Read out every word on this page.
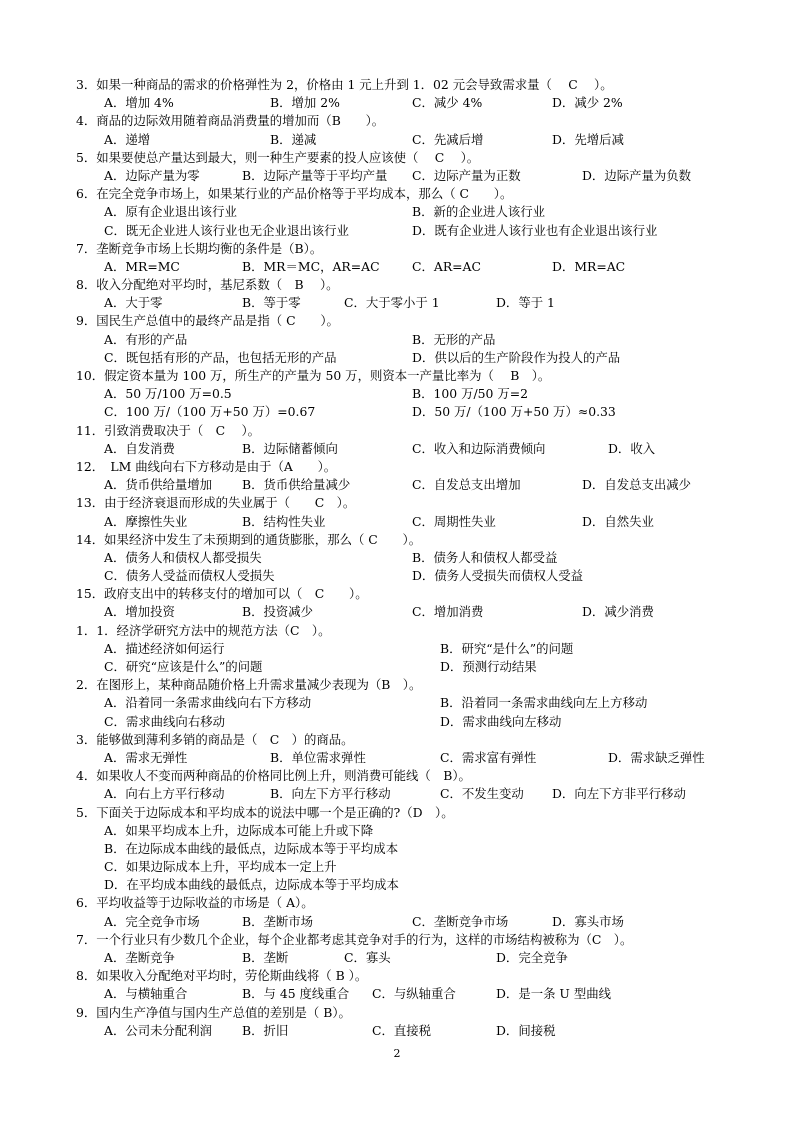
3．如果一种商品的需求的价格弹性为 2，价格由 1 元上升到 1．02 元会导致需求量（　 C　 ）。
A．增加 4%	B．增加 2%	C．减少 4%	D．减少 2%
4．商品的边际效用随着商品消费量的增加而（B　　）。
A．递增	B．递减	C．先减后增	D．先增后减
5．如果要使总产量达到最大，则一种生产要素的投人应该使（　 C　 ）。
A．边际产量为零	B．边际产量等于平均产量 C．边际产量为正数	D．边际产量为负数
6．在完全竞争市场上，如果某行业的产品价格等于平均成本，那么（ C　　）。
A．原有企业退出该行业	B．新的企业进人该行业
C．既无企业进人该行业也无企业退出该行业	D．既有企业进人该行业也有企业退出该行业
7．垄断竞争市场上长期均衡的条件是（B）。
A．MR=MC	B．MR＝MC，AR=AC	C．AR=AC	D．MR=AC
8．收入分配绝对平均时，基尼系数（　B　 ）。
A．大于零	B．等于零	C．大于零小于 1	D．等于 1
9．国民生产总值中的最终产品是指（ C　　）。
A．有形的产品	B．无形的产品
C．既包括有形的产品，也包括无形的产品	D．供以后的生产阶段作为投人的产品
10．假定资本量为 100 万，所生产的产量为 50 万，则资本一产量比率为（　 B　）。
A．50 万/100 万=0.5	B．100 万/50 万=2
C．100 万/（100 万+50 万）=0.67	D．50 万/（100 万+50 万）≈0.33
11．引致消费取决于（　C　 ）。
A．自发消费	B．边际储蓄倾向	C．收入和边际消费倾向	D．收入
12．　LM 曲线向右下方移动是由于（A　　）。
A．货币供给量增加 B．货币供给量减少	C．自发总支出增加	D．自发总支出减少
13．由于经济衰退而形成的失业属于（　　C　）。
A．摩擦性失业	B．结构性失业	C．周期性失业	D．自然失业
14．如果经济中发生了未预期到的通货膨胀，那么（ C　　）。
A．债务人和债权人都受损失	B．债务人和债权人都受益
C．债务人受益而债权人受损失	D．债务人受损失而债权人受益
15．政府支出中的转移支付的增加可以（　C　　）。
A．增加投资	B．投资减少	C．增加消费	D．减少消费
1．1．经济学研究方法中的规范方法（C　）。
A．描述经济如何运行	B．研究“是什么”的问题
C．研究“应该是什么”的问题	D．预测行动结果
2．在图形上，某种商品随价格上升需求量减少表现为（B　）。
A．沿着同一条需求曲线向右下方移动	B．沿着同一条需求曲线向左上方移动
C．需求曲线向右移动	D．需求曲线向左移动
3．能够做到薄利多销的商品是（　C　）的商品。
A．需求无弹性	B．单位需求弹性	C．需求富有弹性	D．需求缺乏弹性
4．如果收人不变而两种商品的价格同比例上升，则消费可能线（　B）。
A．向右上方平行移动	B．向左下方平行移动	C．不发生变动 D．向左下方非平行移动
5．下面关于边际成本和平均成本的说法中哪一个是正确的?（D　）。
A．如果平均成本上升，边际成本可能上升或下降
B．在边际成本曲线的最低点，边际成本等于平均成本
C．如果边际成本上升，平均成本一定上升
D．在平均成本曲线的最低点，边际成本等于平均成本
6．平均收益等于边际收益的市场是（ A）。
A．完全竞争市场	B．垄断市场	C．垄断竞争市场	D．寡头市场
7．一个行业只有少数几个企业，每个企业都考虑其竞争对手的行为，这样的市场结构被称为（C　）。
A．垄断竞争	B．垄断	C．寡头	D．完全竞争
8．如果收入分配绝对平均时，劳伦斯曲线将（ B ）。
A．与横轴重合	B．与 45 度线重合 C．与纵轴重合	D．是一条 U 型曲线
9．国内生产净值与国内生产总值的差别是（ B）。
A．公司未分配利润 B．折旧	C．直接税	D．间接税
2
